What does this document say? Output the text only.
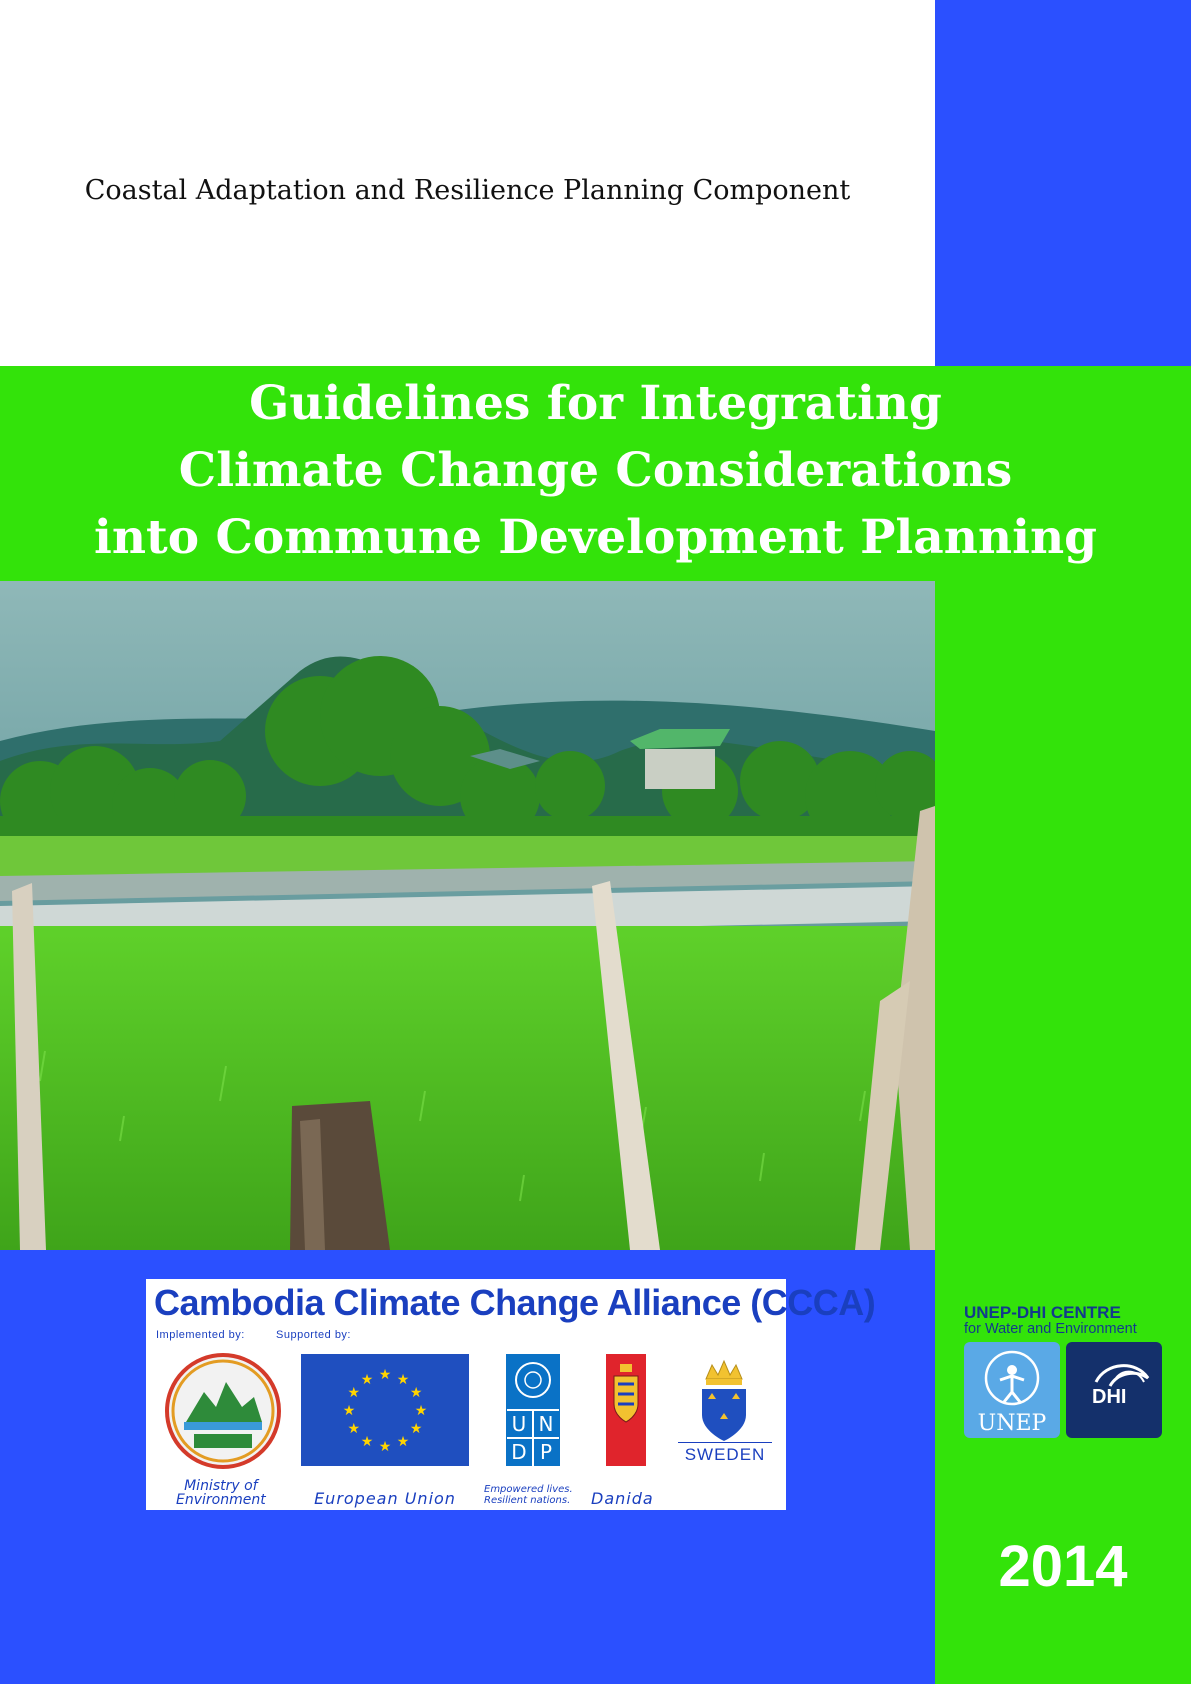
Coastal Adaptation and Resilience Planning Component
Guidelines for Integrating
Climate Change Considerations
into Commune Development Planning
Cambodia Climate Change Alliance (CCCA)
Implemented by:	Supported by:
Ministry of
Environment
★ ★
★
★
★
★
★
★
★
★
★
★
European Union
U N
D P
Empowered lives.
Resilient nations. Danida
SWEDEN
UNEP-DHI CENTRE
for Water and Environment
UNEP
DHI
2014
